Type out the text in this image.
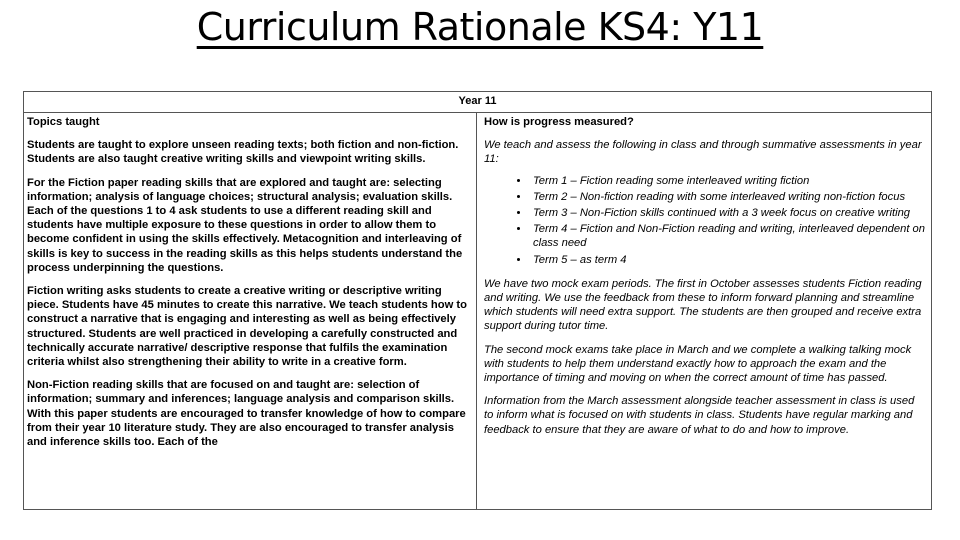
Curriculum Rationale KS4: Y11
Year 11
Topics taught

Students are taught to explore unseen reading texts; both fiction and non-fiction. Students are also taught creative writing skills and viewpoint writing skills.

For the Fiction paper reading skills that are explored and taught are: selecting information; analysis of language choices; structural analysis; evaluation skills. Each of the questions 1 to 4 ask students to use a different reading skill and students have multiple exposure to these questions in order to allow them to become confident in using the skills effectively. Metacognition and interleaving of skills is key to success in the reading skills as this helps students understand the process underpinning the questions.

Fiction writing asks students to create a creative writing or descriptive writing piece. Students have 45 minutes to create this narrative. We teach students how to construct a narrative that is engaging and interesting as well as being effectively structured. Students are well practiced in developing a carefully constructed and technically accurate narrative/ descriptive response that fulfils the examination criteria whilst also strengthening their ability to write in a creative form.

Non-Fiction reading skills that are focused on and taught are: selection of information; summary and inferences; language analysis and comparison skills. With this paper students are encouraged to transfer knowledge of how to compare from their year 10 literature study. They are also encouraged to transfer analysis and inference skills too. Each of the

How is progress measured?

We teach and assess the following in class and through summative assessments in year 11:

• Term 1 – Fiction reading some interleaved writing fiction
• Term 2 – Non-fiction reading with some interleaved writing non-fiction focus
• Term 3 – Non-Fiction skills continued with a 3 week focus on creative writing
• Term 4 – Fiction and Non-Fiction reading and writing, interleaved dependent on class need
• Term 5 – as term 4

We have two mock exam periods. The first in October assesses students Fiction reading and writing. We use the feedback from these to inform forward planning and streamline which students will need extra support. The students are then grouped and receive extra support during tutor time.

The second mock exams take place in March and we complete a walking talking mock with students to help them understand exactly how to approach the exam and the importance of timing and moving on when the correct amount of time has passed.

Information from the March assessment alongside teacher assessment in class is used to inform what is focused on with students in class. Students have regular marking and feedback to ensure that they are aware of what to do and how to improve.
